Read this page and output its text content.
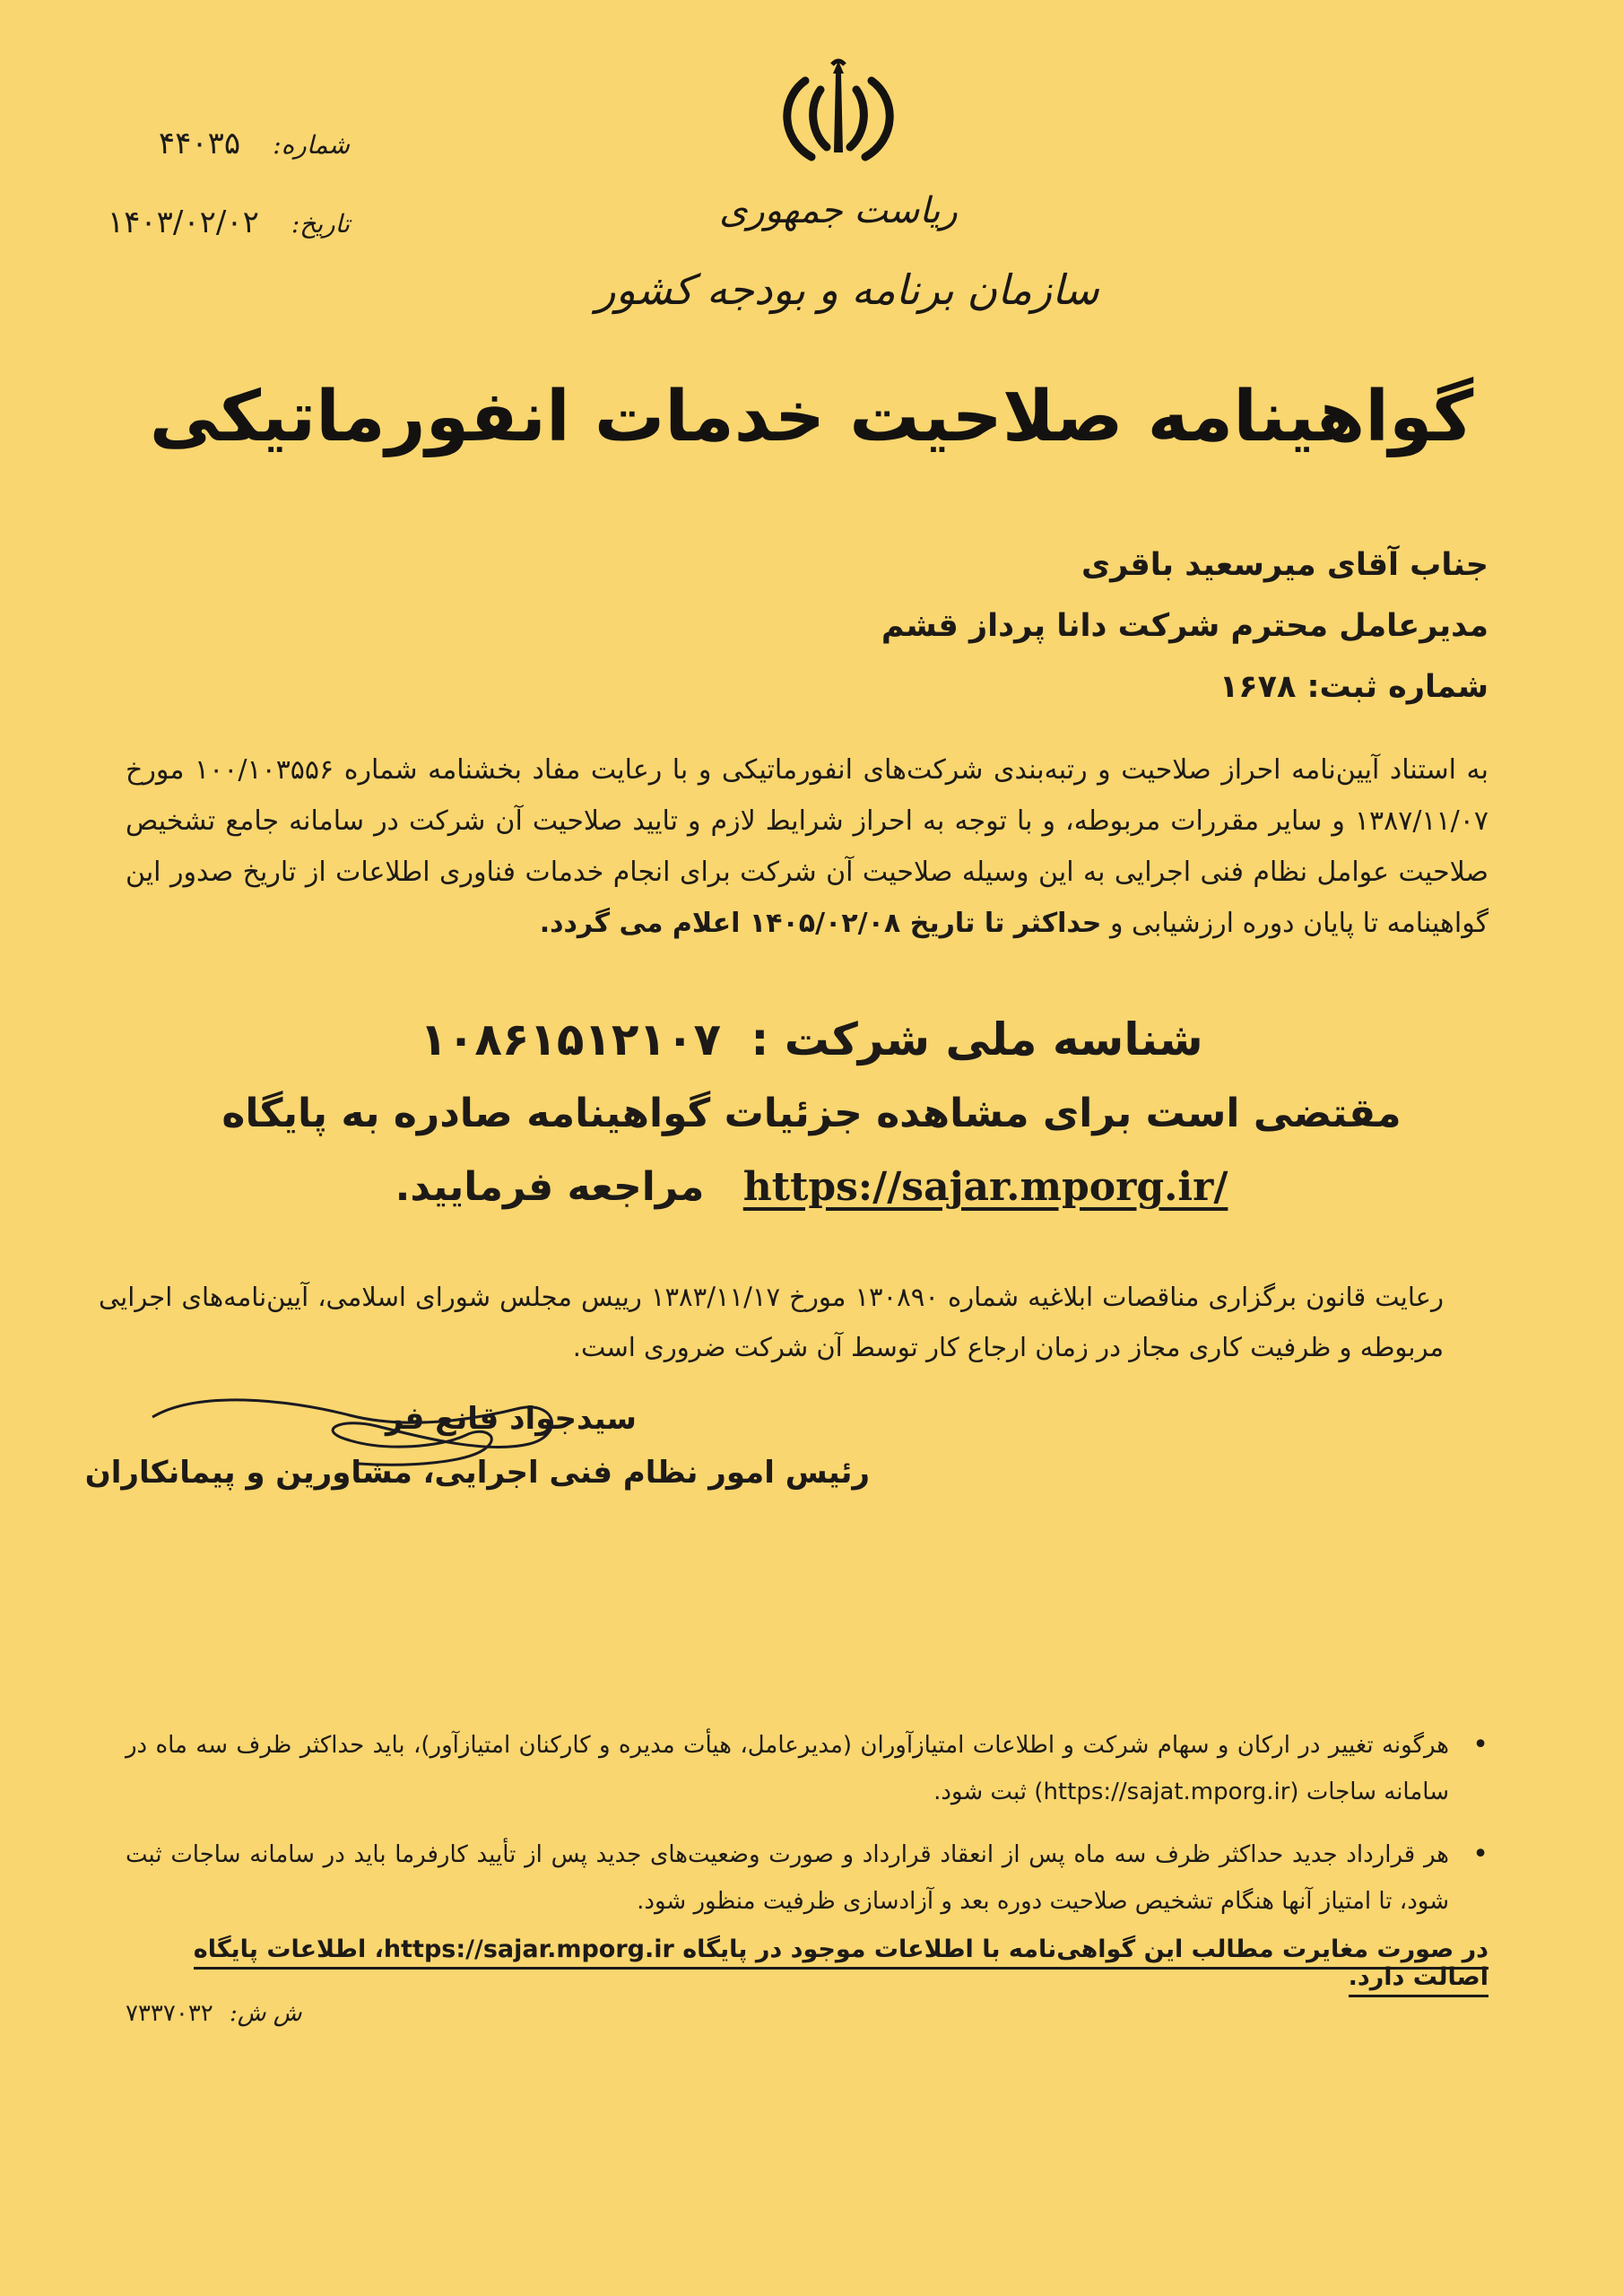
ریاست جمهوری
سازمان برنامه و بودجه کشور
شماره:
۴۴۰۳۵
تاریخ:
۱۴۰۳/۰۲/۰۲
گواهینامه صلاحیت خدمات انفورماتیکی
جناب آقای میرسعید باقری
مدیرعامل محترم شرکت دانا پرداز قشم
شماره ثبت: ۱۶۷۸
به استناد آیین‌نامه احراز صلاحیت و رتبه‌بندی شرکت‌های انفورماتیکی و با رعایت مفاد بخشنامه شماره ۱۰۰/۱۰۳۵۵۶ مورخ ۱۳۸۷/۱۱/۰۷ و سایر مقررات مربوطه، و با توجه به احراز شرایط لازم و تایید صلاحیت آن شرکت در سامانه جامع تشخیص صلاحیت عوامل نظام فنی اجرایی به این وسیله صلاحیت آن شرکت برای انجام خدمات فناوری اطلاعات از تاریخ صدور این گواهینامه تا پایان دوره ارزشیابی و حداکثر تا تاریخ ۱۴۰۵/۰۲/۰۸ اعلام می گردد.
شناسه ملی شرکت : ۱۰۸۶۱۵۱۲۱۰۷
مقتضی است برای مشاهده جزئیات گواهینامه صادره به پایگاه
https://sajar.mporg.ir/ مراجعه فرمایید.
رعایت قانون برگزاری مناقصات ابلاغیه شماره ۱۳۰۸۹۰ مورخ ۱۳۸۳/۱۱/۱۷ رییس مجلس شورای اسلامی، آیین‌نامه‌های اجرایی مربوطه و ظرفیت کاری مجاز در زمان ارجاع کار توسط آن شرکت ضروری است.
سیدجواد قانع فر
رئیس امور نظام فنی اجرایی، مشاورین و پیمانکاران
•
هرگونه تغییر در ارکان و سهام شرکت و اطلاعات امتیازآوران (مدیرعامل، هیأت مدیره و کارکنان امتیازآور)، باید حداکثر ظرف سه ماه در سامانه ساجات (https://sajat.mporg.ir) ثبت شود.
•
هر قرارداد جدید حداکثر ظرف سه ماه پس از انعقاد قرارداد و صورت وضعیت‌های جدید پس از تأیید کارفرما باید در سامانه ساجات ثبت شود، تا امتیاز آنها هنگام تشخیص صلاحیت دوره بعد و آزادسازی ظرفیت منظور شود.
در صورت مغایرت مطالب این گواهی‌نامه با اطلاعات موجود در پایگاه https://sajar.mporg.ir، اطلاعات پایگاه اصالت دارد.
ش ش: ۷۳۳۷۰۳۲
